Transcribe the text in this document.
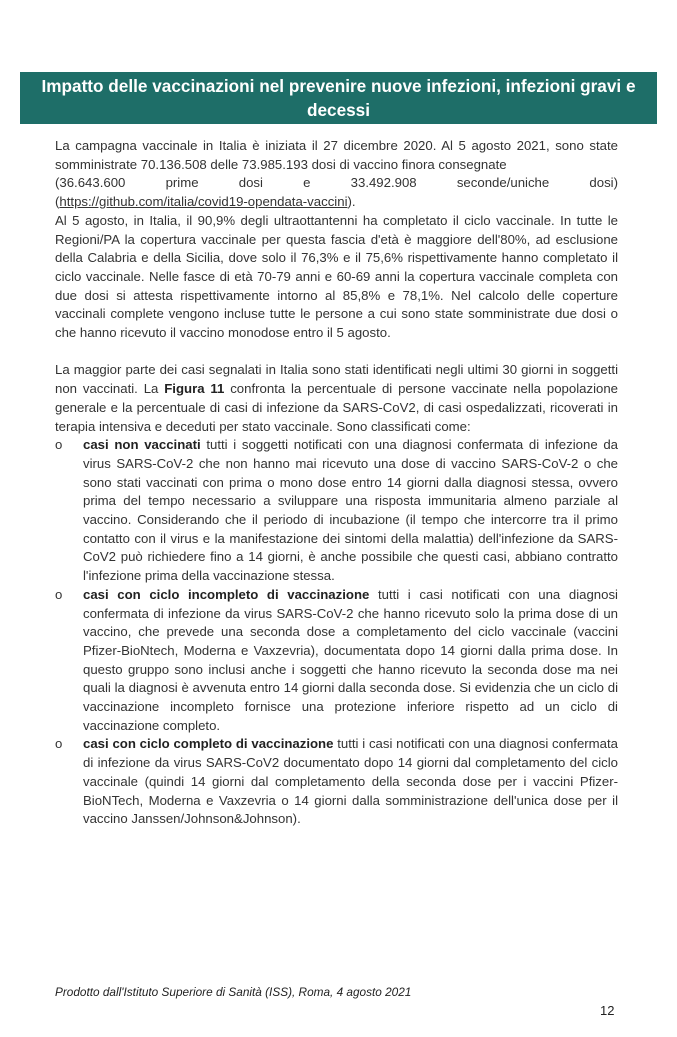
Impatto delle vaccinazioni nel prevenire nuove infezioni, infezioni gravi e decessi

La campagna vaccinale in Italia è iniziata il 27 dicembre 2020. Al 5 agosto 2021, sono state somministrate 70.136.508 delle 73.985.193 dosi di vaccino finora consegnate

(36.643.600 prime dosi e 33.492.908 seconde/uniche dosi)

(https://github.com/italia/covid19-opendata-vaccini).

Al 5 agosto, in Italia, il 90,9% degli ultraottantenni ha completato il ciclo vaccinale. In tutte le Regioni/PA la copertura vaccinale per questa fascia d'età è maggiore dell'80%, ad esclusione della Calabria e della Sicilia, dove solo il 76,3% e il 75,6% rispettivamente hanno completato il ciclo vaccinale. Nelle fasce di età 70-79 anni e 60-69 anni la copertura vaccinale completa con due dosi si attesta rispettivamente intorno al 85,8% e 78,1%. Nel calcolo delle coperture vaccinali complete vengono incluse tutte le persone a cui sono state somministrate due dosi o che hanno ricevuto il vaccino monodose entro il 5 agosto.

La maggior parte dei casi segnalati in Italia sono stati identificati negli ultimi 30 giorni in soggetti non vaccinati. La Figura 11 confronta la percentuale di persone vaccinate nella popolazione generale e la percentuale di casi di infezione da SARS-CoV2, di casi ospedalizzati, ricoverati in terapia intensiva e deceduti per stato vaccinale. Sono classificati come:

o casi non vaccinati tutti i soggetti notificati con una diagnosi confermata di infezione da virus SARS-CoV-2 che non hanno mai ricevuto una dose di vaccino SARS-CoV-2 o che sono stati vaccinati con prima o mono dose entro 14 giorni dalla diagnosi stessa, ovvero prima del tempo necessario a sviluppare una risposta immunitaria almeno parziale al vaccino. Considerando che il periodo di incubazione (il tempo che intercorre tra il primo contatto con il virus e la manifestazione dei sintomi della malattia) dell'infezione da SARS-CoV2 può richiedere fino a 14 giorni, è anche possibile che questi casi, abbiano contratto l'infezione prima della vaccinazione stessa.
o casi con ciclo incompleto di vaccinazione tutti i casi notificati con una diagnosi confermata di infezione da virus SARS-CoV-2 che hanno ricevuto solo la prima dose di un vaccino, che prevede una seconda dose a completamento del ciclo vaccinale (vaccini Pfizer-BioNtech, Moderna e Vaxzevria), documentata dopo 14 giorni dalla prima dose. In questo gruppo sono inclusi anche i soggetti che hanno ricevuto la seconda dose ma nei quali la diagnosi è avvenuta entro 14 giorni dalla seconda dose. Si evidenzia che un ciclo di vaccinazione incompleto fornisce una protezione inferiore rispetto ad un ciclo di vaccinazione completo.
o casi con ciclo completo di vaccinazione tutti i casi notificati con una diagnosi confermata di infezione da virus SARS-CoV2 documentato dopo 14 giorni dal completamento del ciclo vaccinale (quindi 14 giorni dal completamento della seconda dose per i vaccini Pfizer-BioNTech, Moderna e Vaxzevria o 14 giorni dalla somministrazione dell'unica dose per il vaccino Janssen/Johnson&Johnson).
Prodotto dall'Istituto Superiore di Sanità (ISS), Roma, 4 agosto 2021
12
